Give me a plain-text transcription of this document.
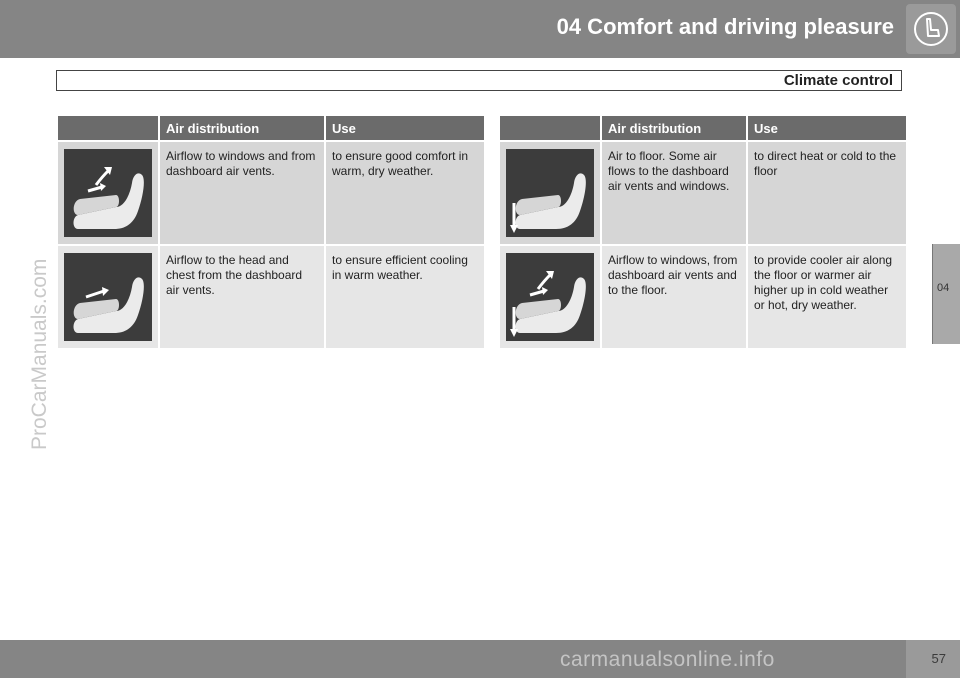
04 Comfort and driving pleasure
Climate control
	Air distribution	Use

	Airflow to windows and from dashboard air vents.	to ensure good comfort in warm, dry weather.

	Airflow to the head and chest from the dashboard air vents.	to ensure efficient cooling in warm weather.
	Air distribution	Use

	Air to floor. Some air flows to the dashboard air vents and windows.	to direct heat or cold to the floor

	Airflow to windows, from dashboard air vents and to the floor.	to provide cooler air along the floor or warmer air higher up in cold weather or hot, dry weather.
04
ProCarManuals.com
57
carmanualsonline.info
